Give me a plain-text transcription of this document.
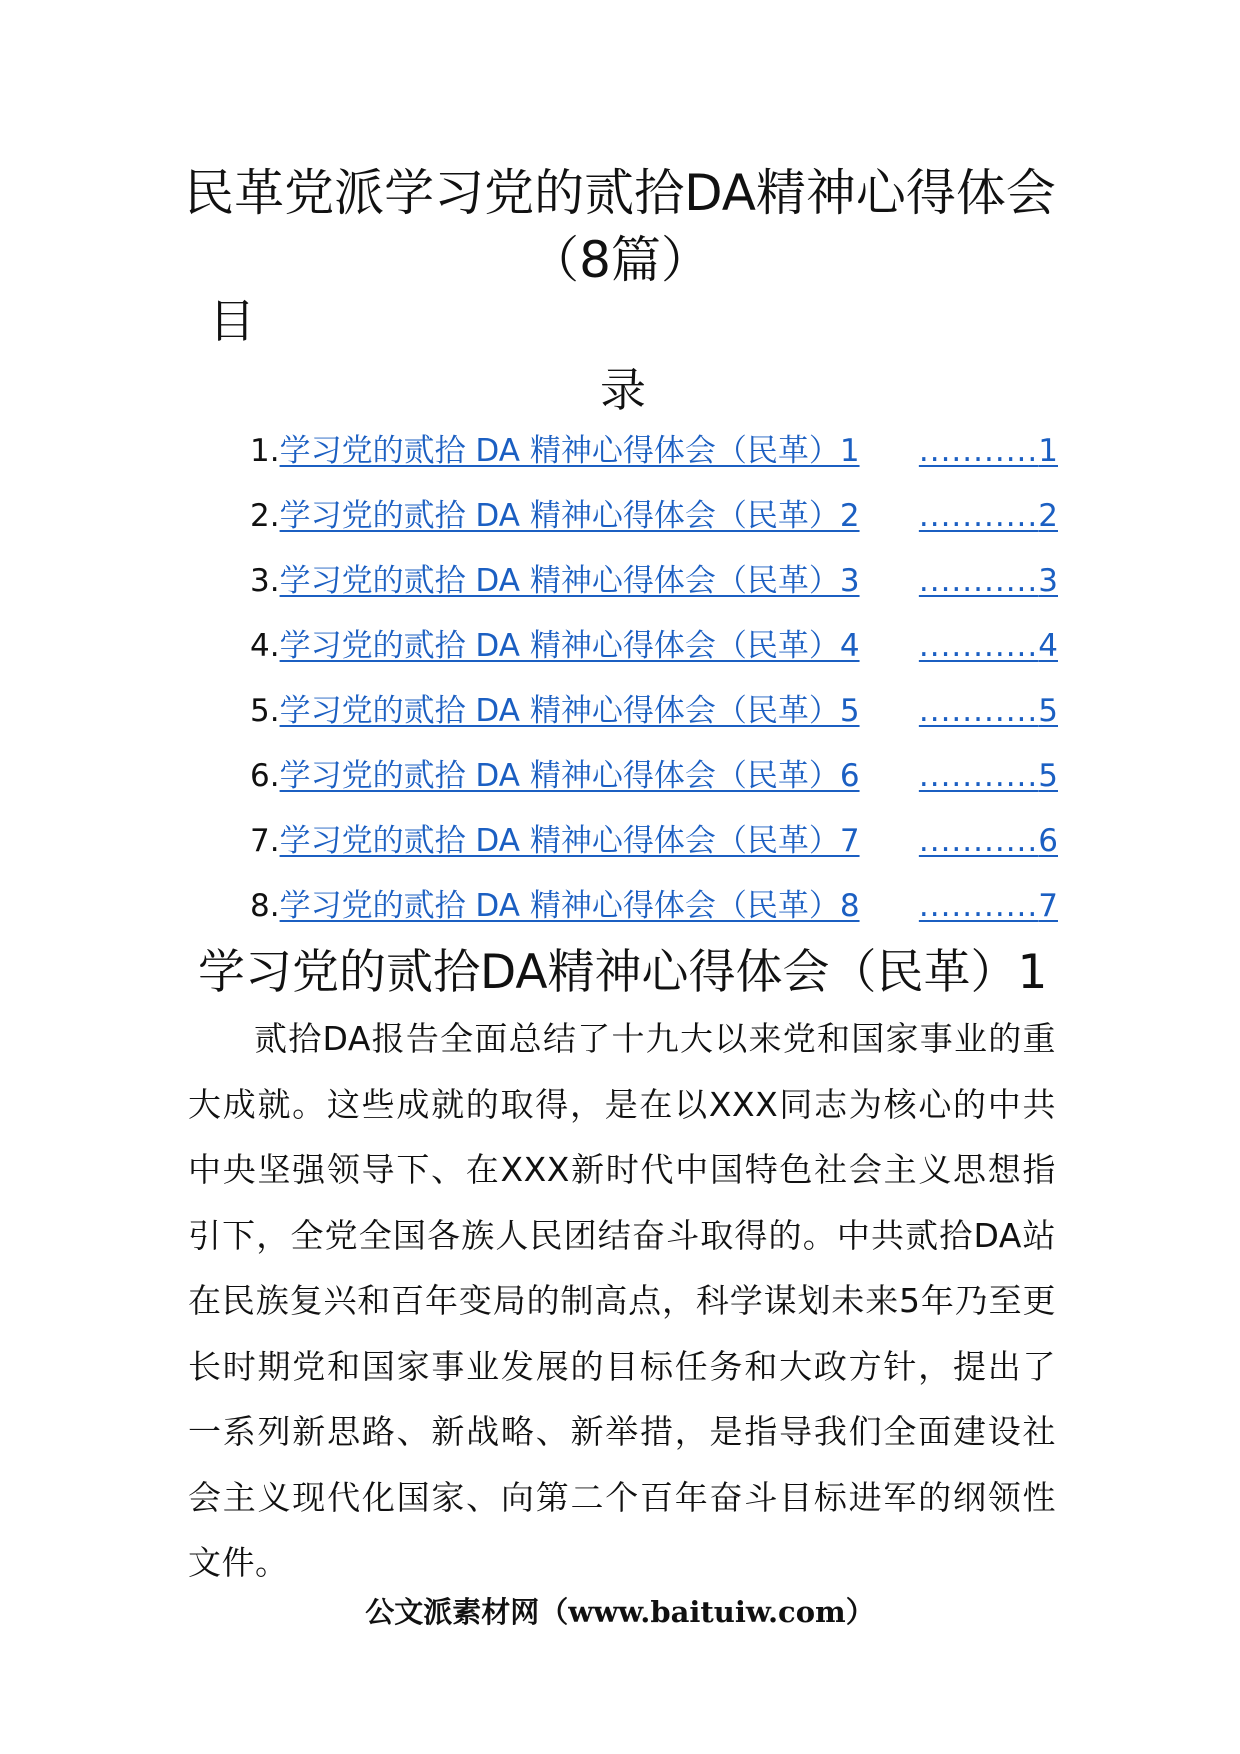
民革党派学习党的贰拾DA精神心得体会
（8篇）
目
录
1. 学习党的贰拾 DA 精神心得体会（民革）1	........... 1
2. 学习党的贰拾 DA 精神心得体会（民革）2	........... 2
3. 学习党的贰拾 DA 精神心得体会（民革）3	........... 3
4. 学习党的贰拾 DA 精神心得体会（民革）4	........... 4
5. 学习党的贰拾 DA 精神心得体会（民革）5	........... 5
6. 学习党的贰拾 DA 精神心得体会（民革）6	........... 5
7. 学习党的贰拾 DA 精神心得体会（民革）7	........... 6
8. 学习党的贰拾 DA 精神心得体会（民革）8	........... 7
学习党的贰拾DA精神心得体会（民革）1

贰拾DA报告全面总结了十九大以来党和国家事业的重大成就。这些成就的取得，是在以XXX同志为核心的中共中央坚强领导下、在XXX新时代中国特色社会主义思想指引下，全党全国各族人民团结奋斗取得的。中共贰拾DA站在民族复兴和百年变局的制高点，科学谋划未来5年乃至更长时期党和国家事业发展的目标任务和大政方针，提出了一系列新思路、新战略、新举措，是指导我们全面建设社会主义现代化国家、向第二个百年奋斗目标进军的纲领性文件。

公文派素材网（www.baituiw.com）
